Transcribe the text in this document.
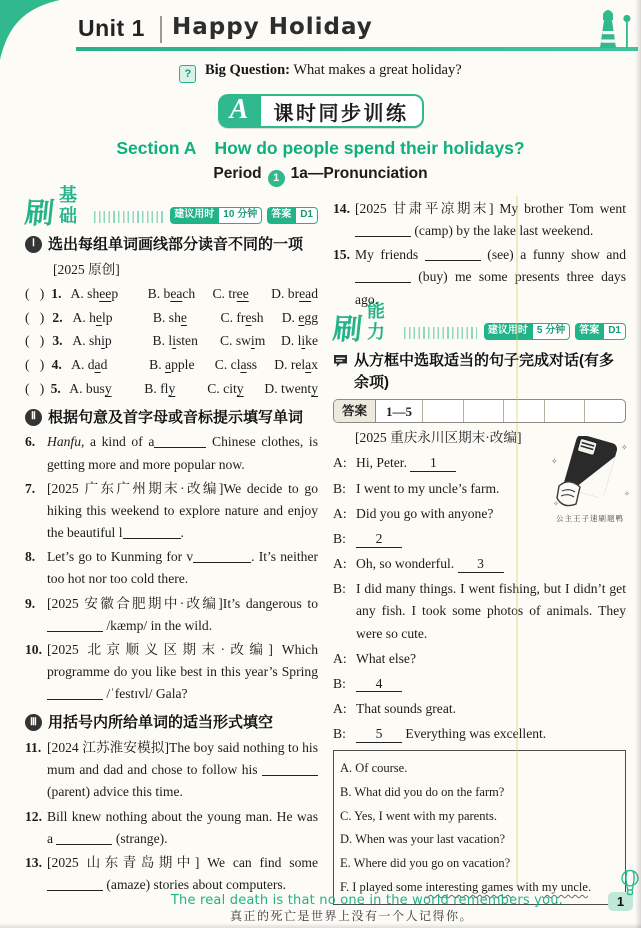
Unit 1 Happy Holiday
? Big Question: What makes a great holiday?
A	课时同步训练
Section A How do people spend their holidays?
Period 1 1a—Pronunciation
刷
基础	建议用时 10 分钟	答案 D1
Ⅰ 选出每组单词画线部分读音不同的一项
[2025 原创]
(   ) 1. A. sheep	B. beach	C. tree	D. bread
(   ) 2. A. help	B. she	C. fresh	D. egg
(   ) 3. A. ship	B. listen	C. swim	D. like
(   ) 4. A. dad	B. apple	C. class	D. relax
(   ) 5. A. busy	B. fly	C. city	D. twenty
Ⅱ 根据句意及首字母或音标提示填写单词
6. Hanfu, a kind of a	Chinese clothes, is getting more and more popular now.
7. [2025 广东广州期末·改编]We decide to go hiking this weekend to explore nature and enjoy the beautiful l	.
8. Let’s go to Kunming for v	. It’s neither too hot nor too cold there.
9. [2025 安徽合肥期中·改编]It’s dangerous to  /kæmp/ in the wild.
10. [2025 北京顺义区期末·改编] Which programme do you like best in this year’s Spring  /ˈfestɪvl/ Gala?
Ⅲ 用括号内所给单词的适当形式填空
11. [2024 江苏淮安模拟]The boy said nothing to his mum and dad and chose to follow his  (parent) advice this time.
12. Bill knew nothing about the young man. He was a	(strange).
13. [2025 山东青岛期中] We can find some  (amaze) stories about computers.
14. [2025 甘肃平凉期末] My brother Tom went  (camp) by the lake last weekend.
15. My friends	(see) a funny show and  (buy) me some presents three days ago.
刷
能力	建议用时 5 分钟	答案 D1
从方框中选取适当的句子完成对话(有多余项)
答案	1—5
[2025 重庆永川区期末·改编]
A: Hi, Peter. 1
B: I went to my uncle’s farm.
A: Did you go with anyone?
B: 2
A: Oh, so wonderful. 3
B: I did many things. I went fishing, but I didn’t get any fish. I took some photos of animals. They were so cute.
A: What else?
B: 4
A: That sounds great.
B: 5 Everything was excellent.
A. Of course.
B. What did you do on the farm?
C. Yes, I went with my parents.
D. When was your last vacation?
E. Where did you go on vacation?
F. I played some interesting games with my uncle.
✧
✧
✧
✧
公主王子速刷题鸭
The real death is that no one in the world remembers you.
真正的死亡是世界上没有一个人记得你。
1
